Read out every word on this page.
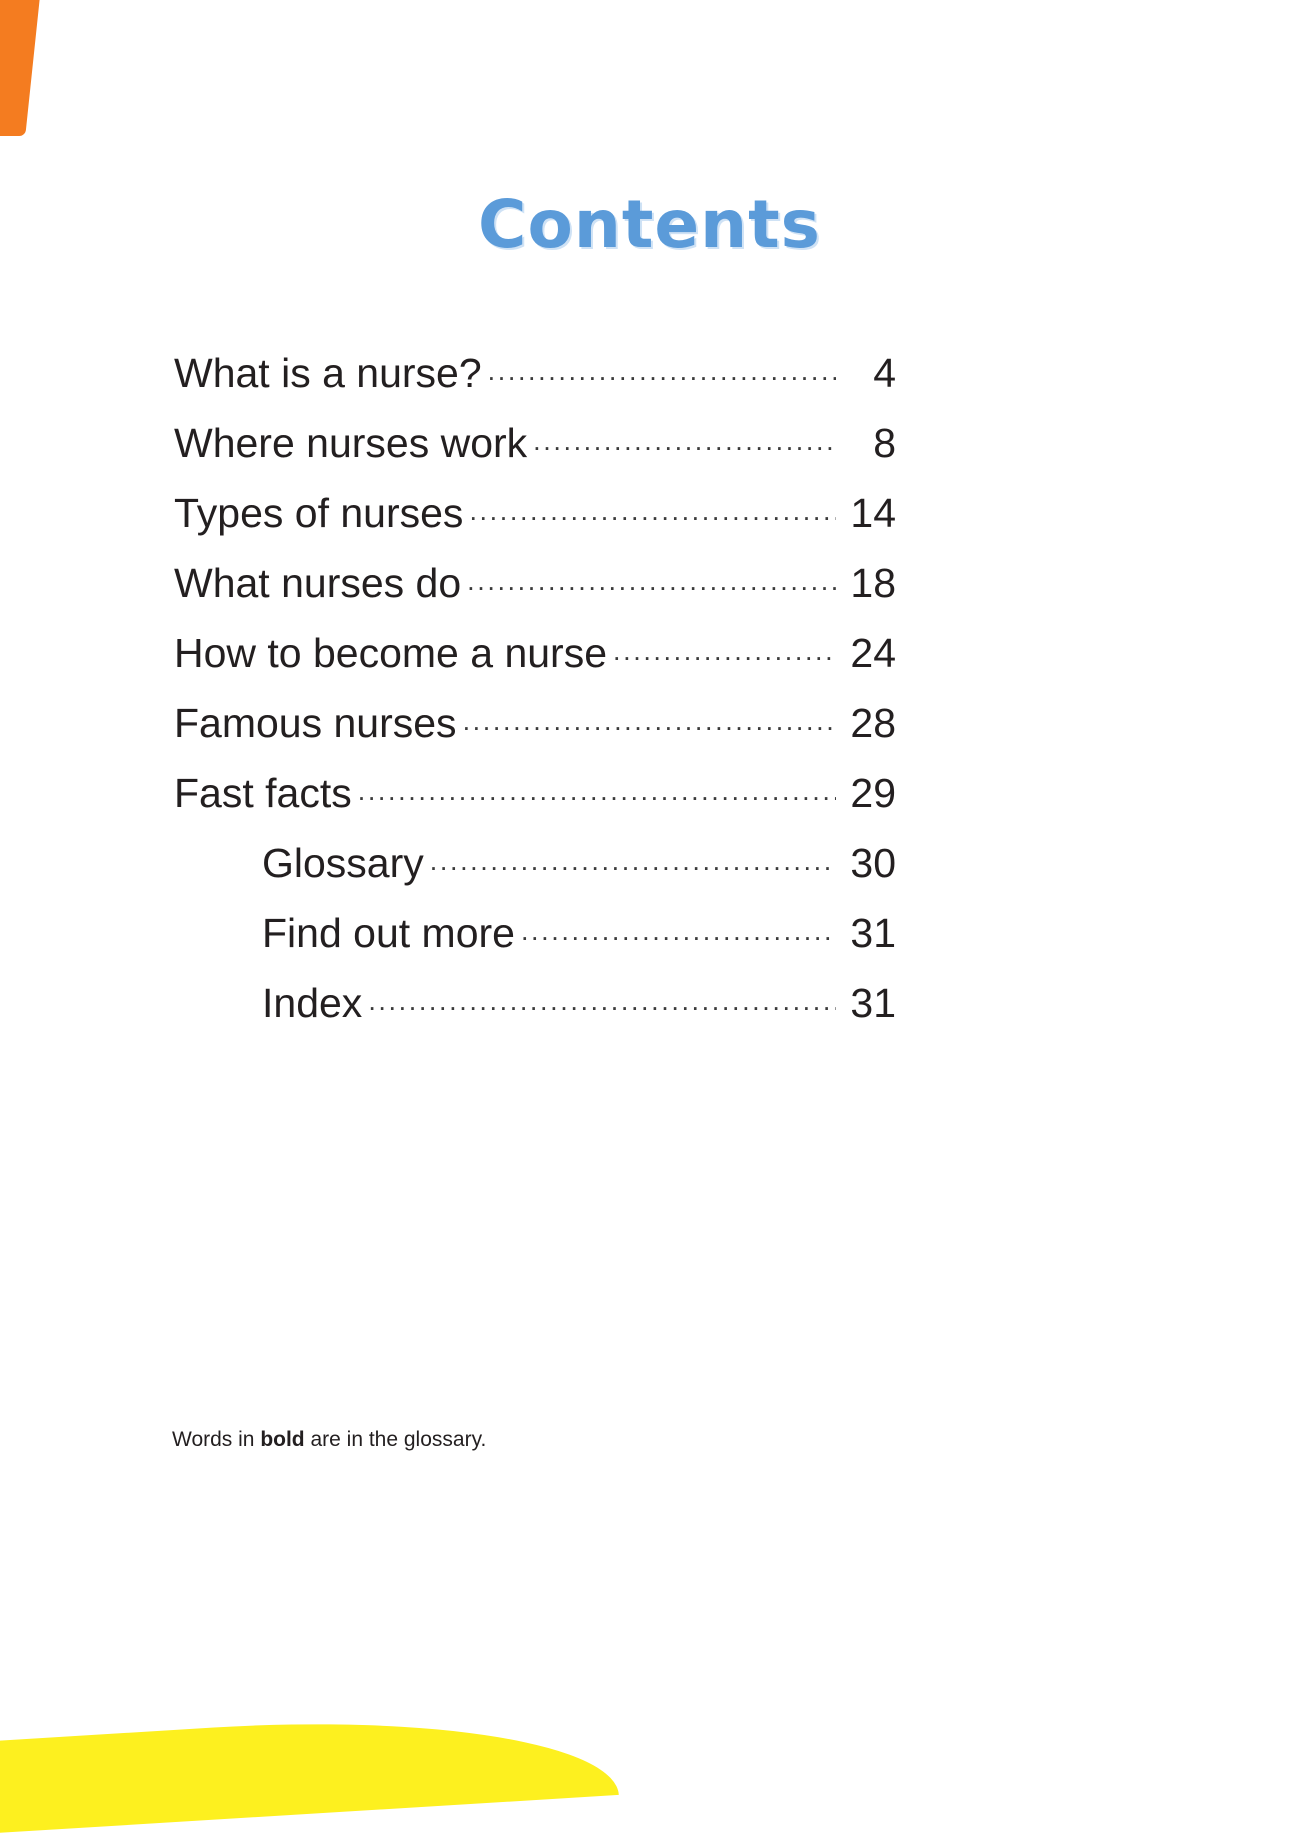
Contents
What is a nurse? .....	4
Where nurses work .....	8
Types of nurses .....	14
What nurses do .....	18
How to become a nurse .....	24
Famous nurses .....	28
Fast facts .....	29
Glossary .....	30
Find out more .....	31
Index .....	31
Words in bold are in the glossary.
